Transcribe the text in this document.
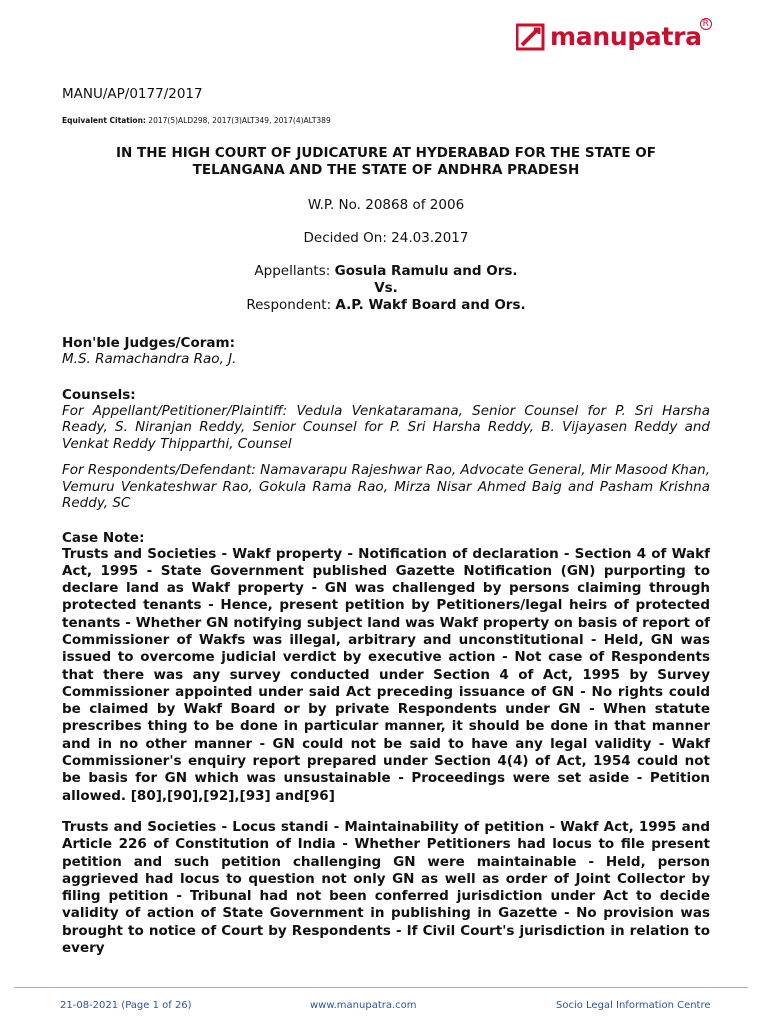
manupatra R

MANU/AP/0177/2017

Equivalent Citation: 2017(5)ALD298, 2017(3)ALT349, 2017(4)ALT389
IN THE HIGH COURT OF JUDICATURE AT HYDERABAD FOR THE STATE OF
TELANGANA AND THE STATE OF ANDHRA PRADESH
W.P. No. 20868 of 2006
Decided On: 24.03.2017
Appellants: Gosula Ramulu and Ors.
Vs.
Respondent: A.P. Wakf Board and Ors.
Hon'ble Judges/Coram:
M.S. Ramachandra Rao, J.
Counsels:
For Appellant/Petitioner/Plaintiff: Vedula Venkataramana, Senior Counsel for P. Sri Harsha Ready, S. Niranjan Reddy, Senior Counsel for P. Sri Harsha Reddy, B. Vijayasen Reddy and Venkat Reddy Thipparthi, Counsel
For Respondents/Defendant: Namavarapu Rajeshwar Rao, Advocate General, Mir Masood Khan, Vemuru Venkateshwar Rao, Gokula Rama Rao, Mirza Nisar Ahmed Baig and Pasham Krishna Reddy, SC
Case Note:
Trusts and Societies - Wakf property - Notification of declaration - Section 4 of Wakf Act, 1995 - State Government published Gazette Notification (GN) purporting to declare land as Wakf property - GN was challenged by persons claiming through protected tenants - Hence, present petition by Petitioners/legal heirs of protected tenants - Whether GN notifying subject land was Wakf property on basis of report of Commissioner of Wakfs was illegal, arbitrary and unconstitutional - Held, GN was issued to overcome judicial verdict by executive action - Not case of Respondents that there was any survey conducted under Section 4 of Act, 1995 by Survey Commissioner appointed under said Act preceding issuance of GN - No rights could be claimed by Wakf Board or by private Respondents under GN - When statute prescribes thing to be done in particular manner, it should be done in that manner and in no other manner - GN could not be said to have any legal validity - Wakf Commissioner's enquiry report prepared under Section 4(4) of Act, 1954 could not be basis for GN which was unsustainable - Proceedings were set aside - Petition allowed. [80],[90],[92],[93] and[96]
Trusts and Societies - Locus standi - Maintainability of petition - Wakf Act, 1995 and Article 226 of Constitution of India - Whether Petitioners had locus to file present petition and such petition challenging GN were maintainable - Held, person aggrieved had locus to question not only GN as well as order of Joint Collector by filing petition - Tribunal had not been conferred jurisdiction under Act to decide validity of action of State Government in publishing in Gazette - No provision was brought to notice of Court by Respondents - If Civil Court's jurisdiction in relation to every
21-08-2021 (Page 1 of 26)	www.manupatra.com	Socio Legal Information Centre
